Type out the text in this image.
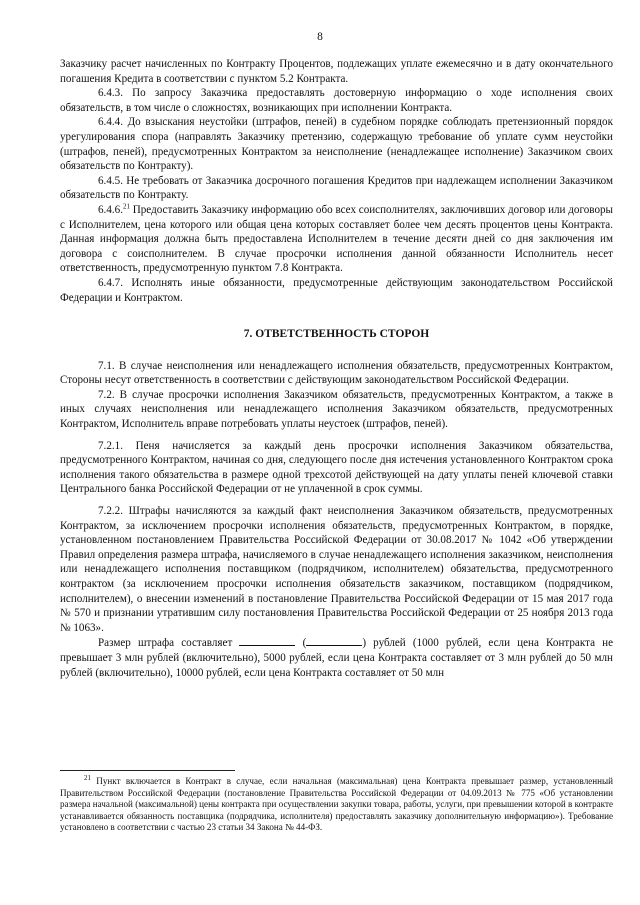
8

Заказчику расчет начисленных по Контракту Процентов, подлежащих уплате ежемесячно и в дату окончательного погашения Кредита в соответствии с пунктом 5.2 Контракта.

6.4.3. По запросу Заказчика предоставлять достоверную информацию о ходе исполнения своих обязательств, в том числе о сложностях, возникающих при исполнении Контракта.

6.4.4. До взыскания неустойки (штрафов, пеней) в судебном порядке соблюдать претензионный порядок урегулирования спора (направлять Заказчику претензию, содержащую требование об уплате сумм неустойки (штрафов, пеней), предусмотренных Контрактом за неисполнение (ненадлежащее исполнение) Заказчиком своих обязательств по Контракту).

6.4.5. Не требовать от Заказчика досрочного погашения Кредитов при надлежащем исполнении Заказчиком обязательств по Контракту.

6.4.6.21 Предоставить Заказчику информацию обо всех соисполнителях, заключивших договор или договоры с Исполнителем, цена которого или общая цена которых составляет более чем десять процентов цены Контракта. Данная информация должна быть предоставлена Исполнителем в течение десяти дней со дня заключения им договора с соисполнителем. В случае просрочки исполнения данной обязанности Исполнитель несет ответственность, предусмотренную пунктом 7.8 Контракта.

6.4.7. Исполнять иные обязанности, предусмотренные действующим законодательством Российской Федерации и Контрактом.

7. ОТВЕТСТВЕННОСТЬ СТОРОН

7.1. В случае неисполнения или ненадлежащего исполнения обязательств, предусмотренных Контрактом, Стороны несут ответственность в соответствии с действующим законодательством Российской Федерации.

7.2. В случае просрочки исполнения Заказчиком обязательств, предусмотренных Контрактом, а также в иных случаях неисполнения или ненадлежащего исполнения Заказчиком обязательств, предусмотренных Контрактом, Исполнитель вправе потребовать уплаты неустоек (штрафов, пеней).

7.2.1. Пеня начисляется за каждый день просрочки исполнения Заказчиком обязательства, предусмотренного Контрактом, начиная со дня, следующего после дня истечения установленного Контрактом срока исполнения такого обязательства в размере одной трехсотой действующей на дату уплаты пеней ключевой ставки Центрального банка Российской Федерации от не уплаченной в срок суммы.

7.2.2. Штрафы начисляются за каждый факт неисполнения Заказчиком обязательств, предусмотренных Контрактом, за исключением просрочки исполнения обязательств, предусмотренных Контрактом, в порядке, установленном постановлением Правительства Российской Федерации от 30.08.2017 № 1042 «Об утверждении Правил определения размера штрафа, начисляемого в случае ненадлежащего исполнения заказчиком, неисполнения или ненадлежащего исполнения поставщиком (подрядчиком, исполнителем) обязательства, предусмотренного контрактом (за исключением просрочки исполнения обязательств заказчиком, поставщиком (подрядчиком, исполнителем), о внесении изменений в постановление Правительства Российской Федерации от 15 мая 2017 года № 570 и признании утратившим силу постановления Правительства Российской Федерации от 25 ноября 2013 года № 1063».

Размер штрафа составляет	(	) рублей (1000 рублей, если цена Контракта не превышает 3 млн рублей (включительно), 5000 рублей, если цена Контракта составляет от 3 млн рублей до 50 млн рублей (включительно), 10000 рублей, если цена Контракта составляет от 50 млн

$^{21}$ Пункт включается в Контракт в случае, если начальная (максимальная) цена Контракта превышает размер, установленный Правительством Российской Федерации (постановление Правительства Российской Федерации от 04.09.2013 № 775 «Об установлении размера начальной (максимальной) цены контракта при осуществлении закупки товара, работы, услуги, при превышении которой в контракте устанавливается обязанность поставщика (подрядчика, исполнителя) предоставлять заказчику дополнительную информацию»). Требование установлено в соответствии с частью 23 статьи 34 Закона № 44-ФЗ.
